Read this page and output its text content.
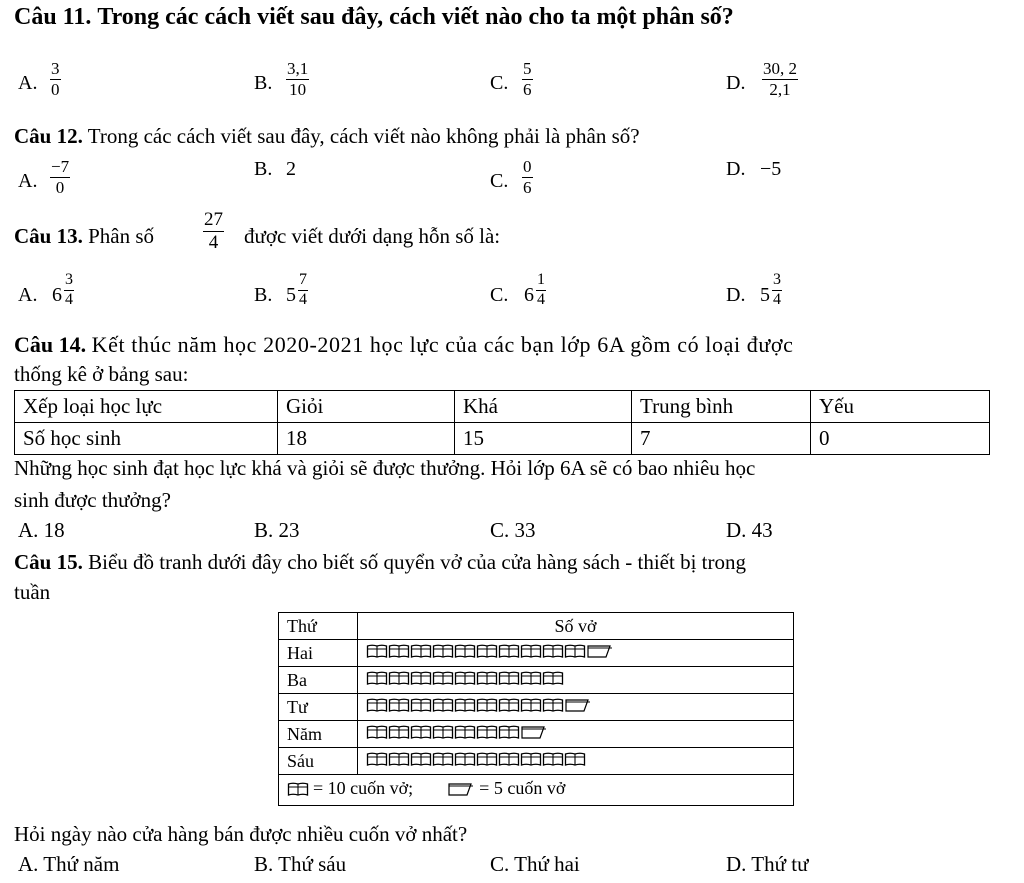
Câu 11. Trong các cách viết sau đây, cách viết nào cho ta một phân số?
A.
3
0	B.
3,1
10	C.
5
6	D.
30, 2
2,1
Câu 12. Trong các cách viết sau đây, cách viết nào không phải là phân số?
A.
−7
0
B. 2
C.
0
6
D. −5
Câu 13. Phân số
27
4 được viết dưới dạng hỗn số là:
A. 6
3
4	B. 5
7
4	C. 6
1
4	D. 5
3
4
Câu 14. Kết thúc năm học 2020-2021 học lực của các bạn lớp 6A gồm có loại được
thống kê ở bảng sau:
Xếp loại học lực	Giỏi	Khá	Trung bình	Yếu
Số học sinh	18	15	7	0
Những học sinh đạt học lực khá và giỏi sẽ được thưởng. Hỏi lớp 6A sẽ có bao nhiêu học
sinh được thưởng?
A. 18	B. 23	C. 33	D. 43
Câu 15. Biểu đồ tranh dưới đây cho biết số quyển vở của cửa hàng sách - thiết bị trong
tuần
Thứ	Số vở
Hai	

Ba	

Tư	

Năm	

Sáu	

= 10 cuốn vở; = 5 cuốn vở	
Hỏi ngày nào cửa hàng bán được nhiều cuốn vở nhất?
A. Thứ năm	B. Thứ sáu	C. Thứ hai	D. Thứ tư
